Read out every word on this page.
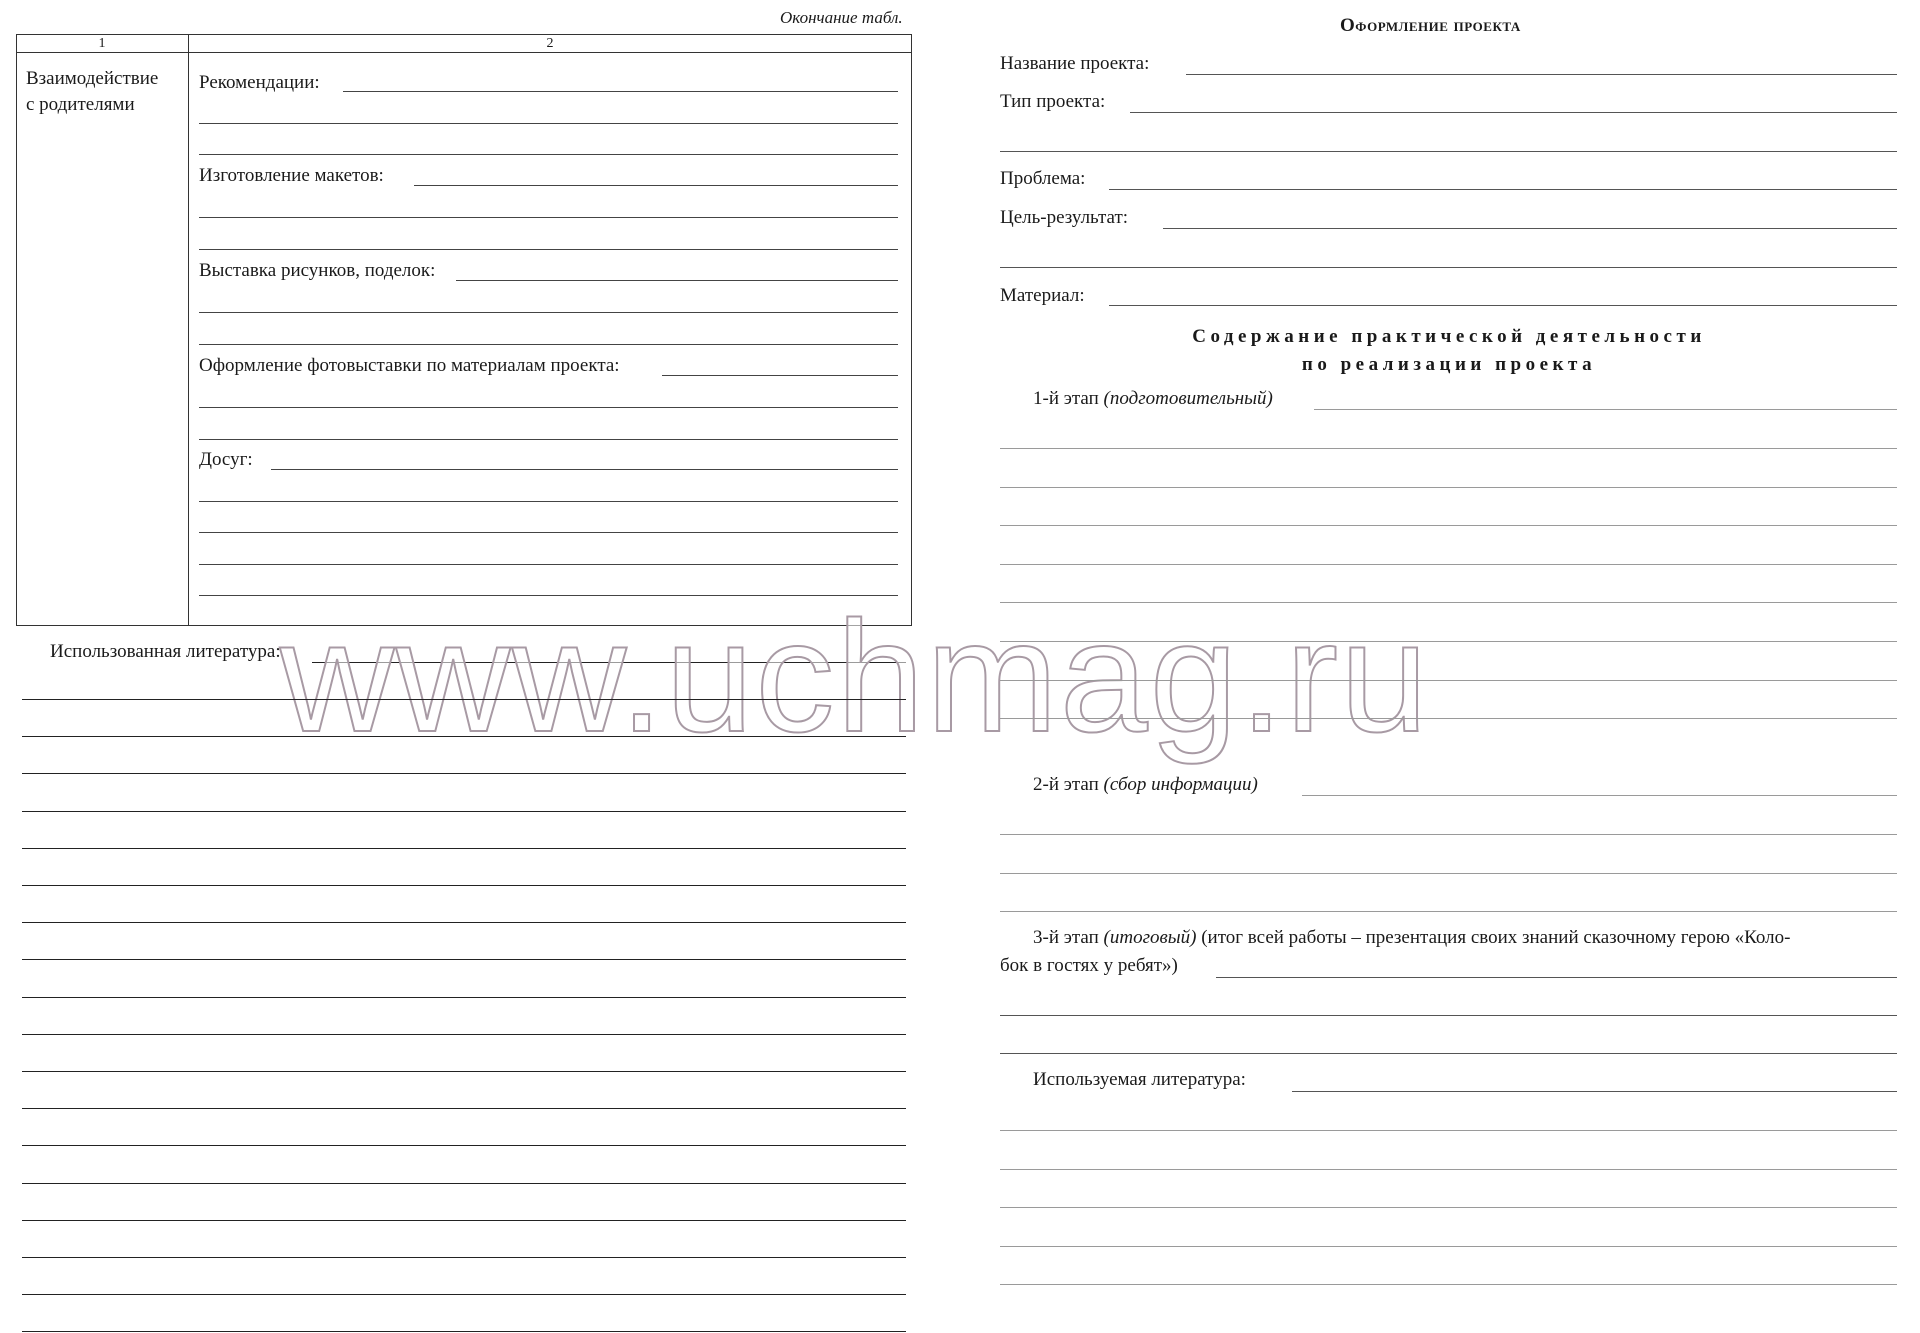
Окончание табл.
1	2
Взаимодействие
с родителями
Рекомендации:
Изготовление макетов:
Выставка рисунков, поделок:
Оформление фотовыставки по материалам проекта:
Досуг:
Использованная литература:
Оформление проекта
Название проекта:
Тип проекта:
Проблема:
Цель-результат:
Материал:
Содержание практической деятельности
по реализации проекта
1-й этап (подготовительный)
2-й этап (сбор информации)
3-й этап (итоговый) (итог всей работы – презентация своих знаний сказочному герою «Коло-
бок в гостях у ребят»)
Используемая литература:
www.uchmag.ru
